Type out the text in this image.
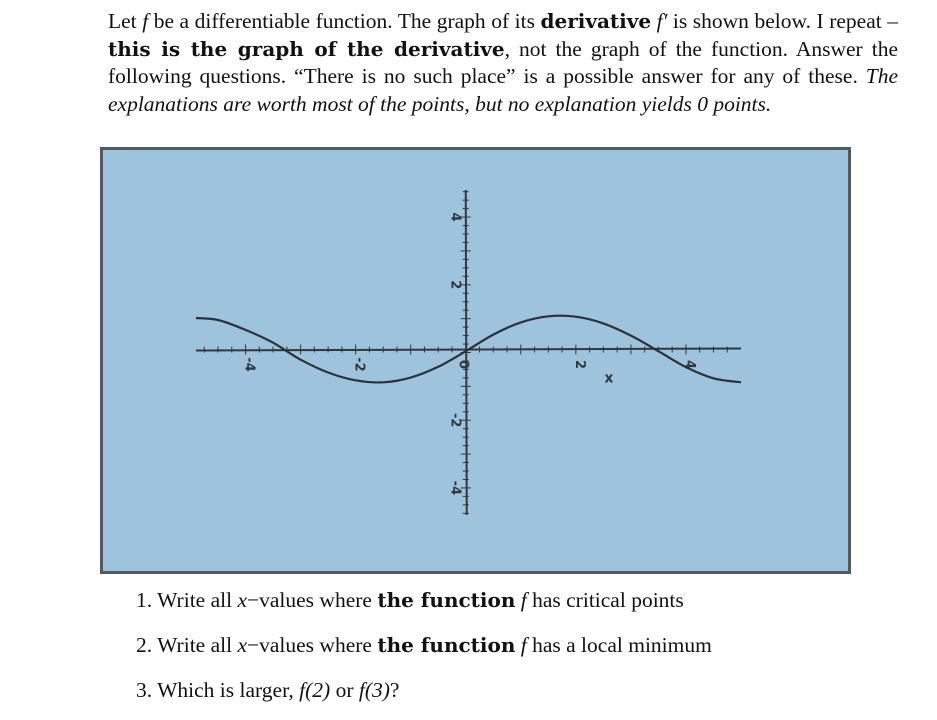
Let f be a differentiable function. The graph of its derivative f′ is shown below. I repeat – this is the graph of the derivative, not the graph of the function. Answer the following questions. “There is no such place” is a possible answer for any of these. The explanations are worth most of the points, but no explanation yields 0 points.
-4	-2	0	2	4
4
2
-2
-4
x
1. Write all x−values where the function f has critical points
2. Write all x−values where the function f has a local minimum
3. Which is larger, f(2) or f(3)?
